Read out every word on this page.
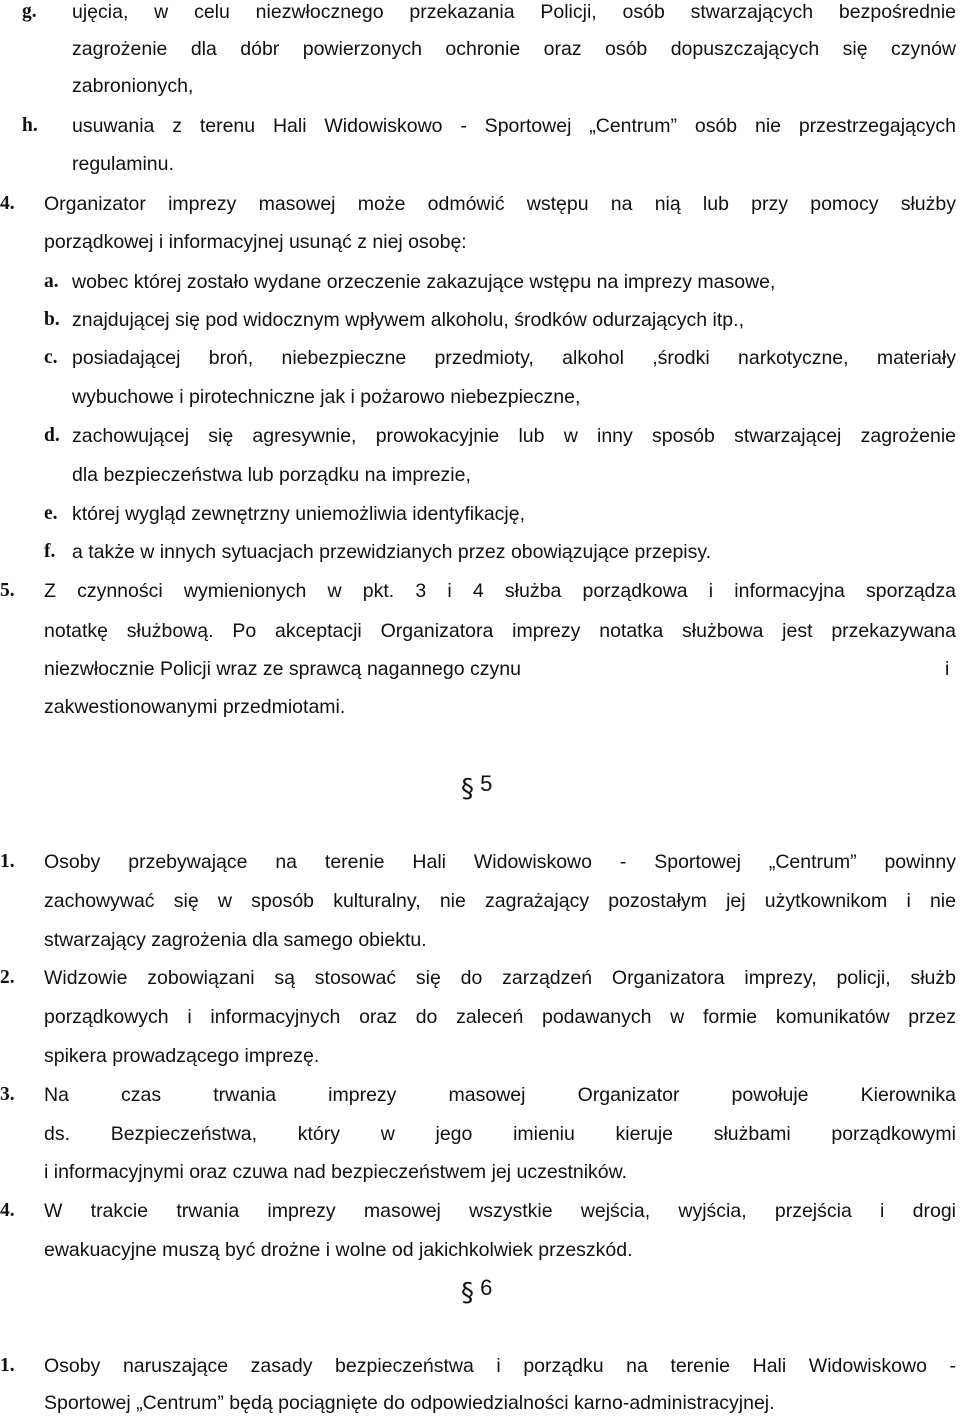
g. ujęcia, w celu niezwłocznego przekazania Policji, osób stwarzających bezpośrednie
zagrożenie dla dóbr powierzonych ochronie oraz osób dopuszczających się czynów
zabronionych,
h. usuwania z terenu Hali Widowiskowo - Sportowej „Centrum” osób nie przestrzegających
regulaminu.
4. Organizator imprezy masowej może odmówić wstępu na nią lub przy pomocy służby
porządkowej i informacyjnej usunąć z niej osobę:
a. wobec której zostało wydane orzeczenie zakazujące wstępu na imprezy masowe,
b. znajdującej się pod widocznym wpływem alkoholu, środków odurzających itp.,
c. posiadającej broń, niebezpieczne przedmioty, alkohol ,środki narkotyczne, materiały
wybuchowe i pirotechniczne jak i pożarowo niebezpieczne,
d. zachowującej się agresywnie, prowokacyjnie lub w inny sposób stwarzającej zagrożenie
dla bezpieczeństwa lub porządku na imprezie,
e. której wygląd zewnętrzny uniemożliwia identyfikację,
f. a także w innych sytuacjach przewidzianych przez obowiązujące przepisy.
5. Z czynności wymienionych w pkt. 3 i 4 służba porządkowa i informacyjna sporządza
notatkę służbową. Po akceptacji Organizatora imprezy notatka służbowa jest przekazywana
niezwłocznie Policji wraz ze sprawcą nagannego czynu	i
zakwestionowanymi przedmiotami.
§ 5
1. Osoby przebywające na terenie Hali Widowiskowo - Sportowej „Centrum” powinny
zachowywać się w sposób kulturalny, nie zagrażający pozostałym jej użytkownikom i nie
stwarzający zagrożenia dla samego obiektu.
2. Widzowie zobowiązani są stosować się do zarządzeń Organizatora imprezy, policji, służb
porządkowych i informacyjnych oraz do zaleceń podawanych w formie komunikatów przez
spikera prowadzącego imprezę.
3. Na czas trwania imprezy masowej Organizator powołuje Kierownika
ds. Bezpieczeństwa, który w jego imieniu kieruje służbami porządkowymi
i informacyjnymi oraz czuwa nad bezpieczeństwem jej uczestników.
4. W trakcie trwania imprezy masowej wszystkie wejścia, wyjścia, przejścia i drogi
ewakuacyjne muszą być drożne i wolne od jakichkolwiek przeszkód.
§ 6
1. Osoby naruszające zasady bezpieczeństwa i porządku na terenie Hali Widowiskowo -
Sportowej „Centrum” będą pociągnięte do odpowiedzialności karno-administracyjnej.
